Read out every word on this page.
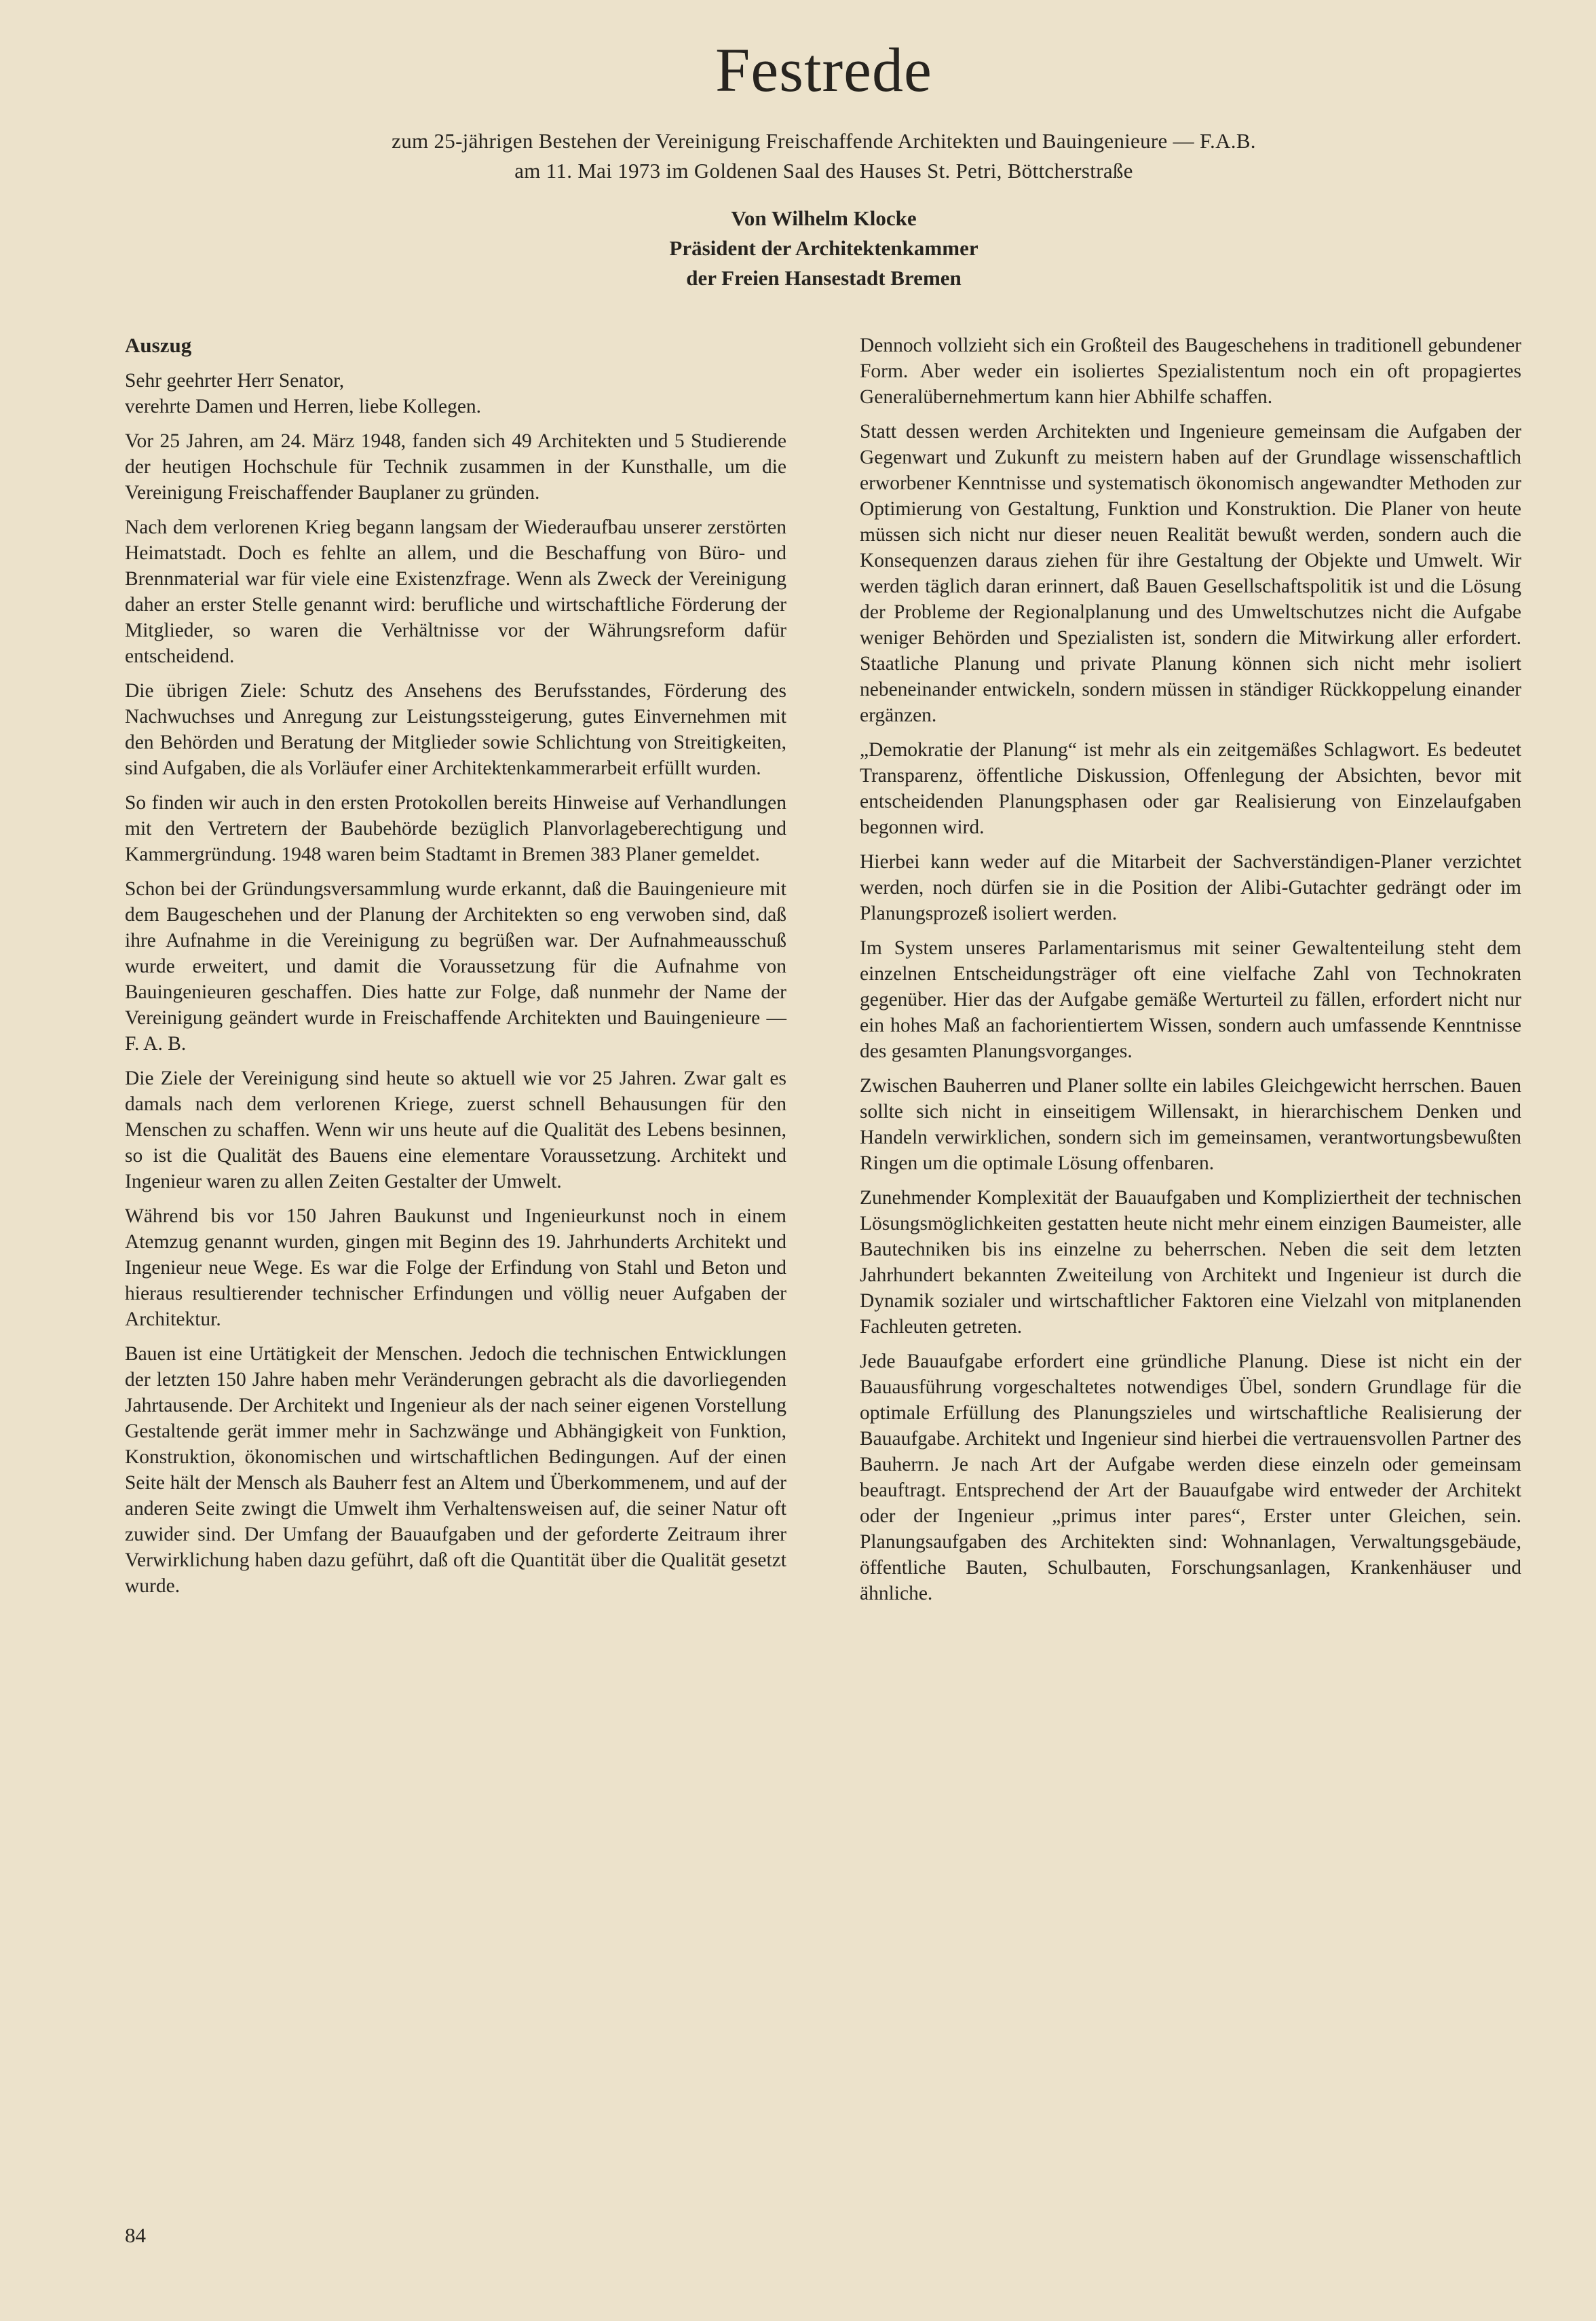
Festrede

zum 25-jährigen Bestehen der Vereinigung Freischaffende Architekten und Bauingenieure — F.A.B.

am 11. Mai 1973 im Goldenen Saal des Hauses St. Petri, Böttcherstraße

Von Wilhelm Klocke

Präsident der Architektenkammer

der Freien Hansestadt Bremen

Auszug

Sehr geehrter Herr Senator,
verehrte Damen und Herren, liebe Kollegen.

Vor 25 Jahren, am 24. März 1948, fanden sich 49 Architekten und 5 Studierende der heutigen Hochschule für Technik zusammen in der Kunsthalle, um die Vereinigung Freischaffender Bauplaner zu gründen.

Nach dem verlorenen Krieg begann langsam der Wiederaufbau unserer zerstörten Heimatstadt. Doch es fehlte an allem, und die Beschaffung von Büro- und Brennmaterial war für viele eine Existenzfrage. Wenn als Zweck der Vereinigung daher an erster Stelle genannt wird: berufliche und wirtschaftliche Förderung der Mitglieder, so waren die Verhältnisse vor der Währungsreform dafür entscheidend.

Die übrigen Ziele: Schutz des Ansehens des Berufsstandes, Förderung des Nachwuchses und Anregung zur Leistungssteigerung, gutes Einvernehmen mit den Behörden und Beratung der Mitglieder sowie Schlichtung von Streitigkeiten, sind Aufgaben, die als Vorläufer einer Architektenkammerarbeit erfüllt wurden.

So finden wir auch in den ersten Protokollen bereits Hinweise auf Verhandlungen mit den Vertretern der Baubehörde bezüglich Planvorlageberechtigung und Kammergründung. 1948 waren beim Stadtamt in Bremen 383 Planer gemeldet.

Schon bei der Gründungsversammlung wurde erkannt, daß die Bauingenieure mit dem Baugeschehen und der Planung der Architekten so eng verwoben sind, daß ihre Aufnahme in die Vereinigung zu begrüßen war. Der Aufnahmeausschuß wurde erweitert, und damit die Voraussetzung für die Aufnahme von Bauingenieuren geschaffen. Dies hatte zur Folge, daß nunmehr der Name der Vereinigung geändert wurde in Freischaffende Architekten und Bauingenieure — F. A. B.

Die Ziele der Vereinigung sind heute so aktuell wie vor 25 Jahren. Zwar galt es damals nach dem verlorenen Kriege, zuerst schnell Behausungen für den Menschen zu schaffen. Wenn wir uns heute auf die Qualität des Lebens besinnen, so ist die Qualität des Bauens eine elementare Voraussetzung. Architekt und Ingenieur waren zu allen Zeiten Gestalter der Umwelt.

Während bis vor 150 Jahren Baukunst und Ingenieurkunst noch in einem Atemzug genannt wurden, gingen mit Beginn des 19. Jahrhunderts Architekt und Ingenieur neue Wege. Es war die Folge der Erfindung von Stahl und Beton und hieraus resultierender technischer Erfindungen und völlig neuer Aufgaben der Architektur.

Bauen ist eine Urtätigkeit der Menschen. Jedoch die technischen Entwicklungen der letzten 150 Jahre haben mehr Veränderungen gebracht als die davorliegenden Jahrtausende. Der Architekt und Ingenieur als der nach seiner eigenen Vorstellung Gestaltende gerät immer mehr in Sachzwänge und Abhängigkeit von Funktion, Konstruktion, ökonomischen und wirtschaftlichen Bedingungen. Auf der einen Seite hält der Mensch als Bauherr fest an Altem und Überkommenem, und auf der anderen Seite zwingt die Umwelt ihm Verhaltensweisen auf, die seiner Natur oft zuwider sind. Der Umfang der Bauaufgaben und der geforderte Zeitraum ihrer Verwirklichung haben dazu geführt, daß oft die Quantität über die Qualität gesetzt wurde.

Dennoch vollzieht sich ein Großteil des Baugeschehens in traditionell gebundener Form. Aber weder ein isoliertes Spezialistentum noch ein oft propagiertes Generalübernehmertum kann hier Abhilfe schaffen.

Statt dessen werden Architekten und Ingenieure gemeinsam die Aufgaben der Gegenwart und Zukunft zu meistern haben auf der Grundlage wissenschaftlich erworbener Kenntnisse und systematisch ökonomisch angewandter Methoden zur Optimierung von Gestaltung, Funktion und Konstruktion. Die Planer von heute müssen sich nicht nur dieser neuen Realität bewußt werden, sondern auch die Konsequenzen daraus ziehen für ihre Gestaltung der Objekte und Umwelt. Wir werden täglich daran erinnert, daß Bauen Gesellschaftspolitik ist und die Lösung der Probleme der Regionalplanung und des Umweltschutzes nicht die Aufgabe weniger Behörden und Spezialisten ist, sondern die Mitwirkung aller erfordert. Staatliche Planung und private Planung können sich nicht mehr isoliert nebeneinander entwickeln, sondern müssen in ständiger Rückkoppelung einander ergänzen.

„Demokratie der Planung“ ist mehr als ein zeitgemäßes Schlagwort. Es bedeutet Transparenz, öffentliche Diskussion, Offenlegung der Absichten, bevor mit entscheidenden Planungsphasen oder gar Realisierung von Einzelaufgaben begonnen wird.

Hierbei kann weder auf die Mitarbeit der Sachverständigen-Planer verzichtet werden, noch dürfen sie in die Position der Alibi-Gutachter gedrängt oder im Planungsprozeß isoliert werden.

Im System unseres Parlamentarismus mit seiner Gewaltenteilung steht dem einzelnen Entscheidungsträger oft eine vielfache Zahl von Technokraten gegenüber. Hier das der Aufgabe gemäße Werturteil zu fällen, erfordert nicht nur ein hohes Maß an fachorientiertem Wissen, sondern auch umfassende Kenntnisse des gesamten Planungsvorganges.

Zwischen Bauherren und Planer sollte ein labiles Gleichgewicht herrschen. Bauen sollte sich nicht in einseitigem Willensakt, in hierarchischem Denken und Handeln verwirklichen, sondern sich im gemeinsamen, verantwortungsbewußten Ringen um die optimale Lösung offenbaren.

Zunehmender Komplexität der Bauaufgaben und Kompliziertheit der technischen Lösungsmöglichkeiten gestatten heute nicht mehr einem einzigen Baumeister, alle Bautechniken bis ins einzelne zu beherrschen. Neben die seit dem letzten Jahrhundert bekannten Zweiteilung von Architekt und Ingenieur ist durch die Dynamik sozialer und wirtschaftlicher Faktoren eine Vielzahl von mitplanenden Fachleuten getreten.

Jede Bauaufgabe erfordert eine gründliche Planung. Diese ist nicht ein der Bauausführung vorgeschaltetes notwendiges Übel, sondern Grundlage für die optimale Erfüllung des Planungszieles und wirtschaftliche Realisierung der Bauaufgabe. Architekt und Ingenieur sind hierbei die vertrauensvollen Partner des Bauherrn. Je nach Art der Aufgabe werden diese einzeln oder gemeinsam beauftragt. Entsprechend der Art der Bauaufgabe wird entweder der Architekt oder der Ingenieur „primus inter pares“, Erster unter Gleichen, sein. Planungsaufgaben des Architekten sind: Wohnanlagen, Verwaltungsgebäude, öffentliche Bauten, Schulbauten, Forschungsanlagen, Krankenhäuser und ähnliche.

84
